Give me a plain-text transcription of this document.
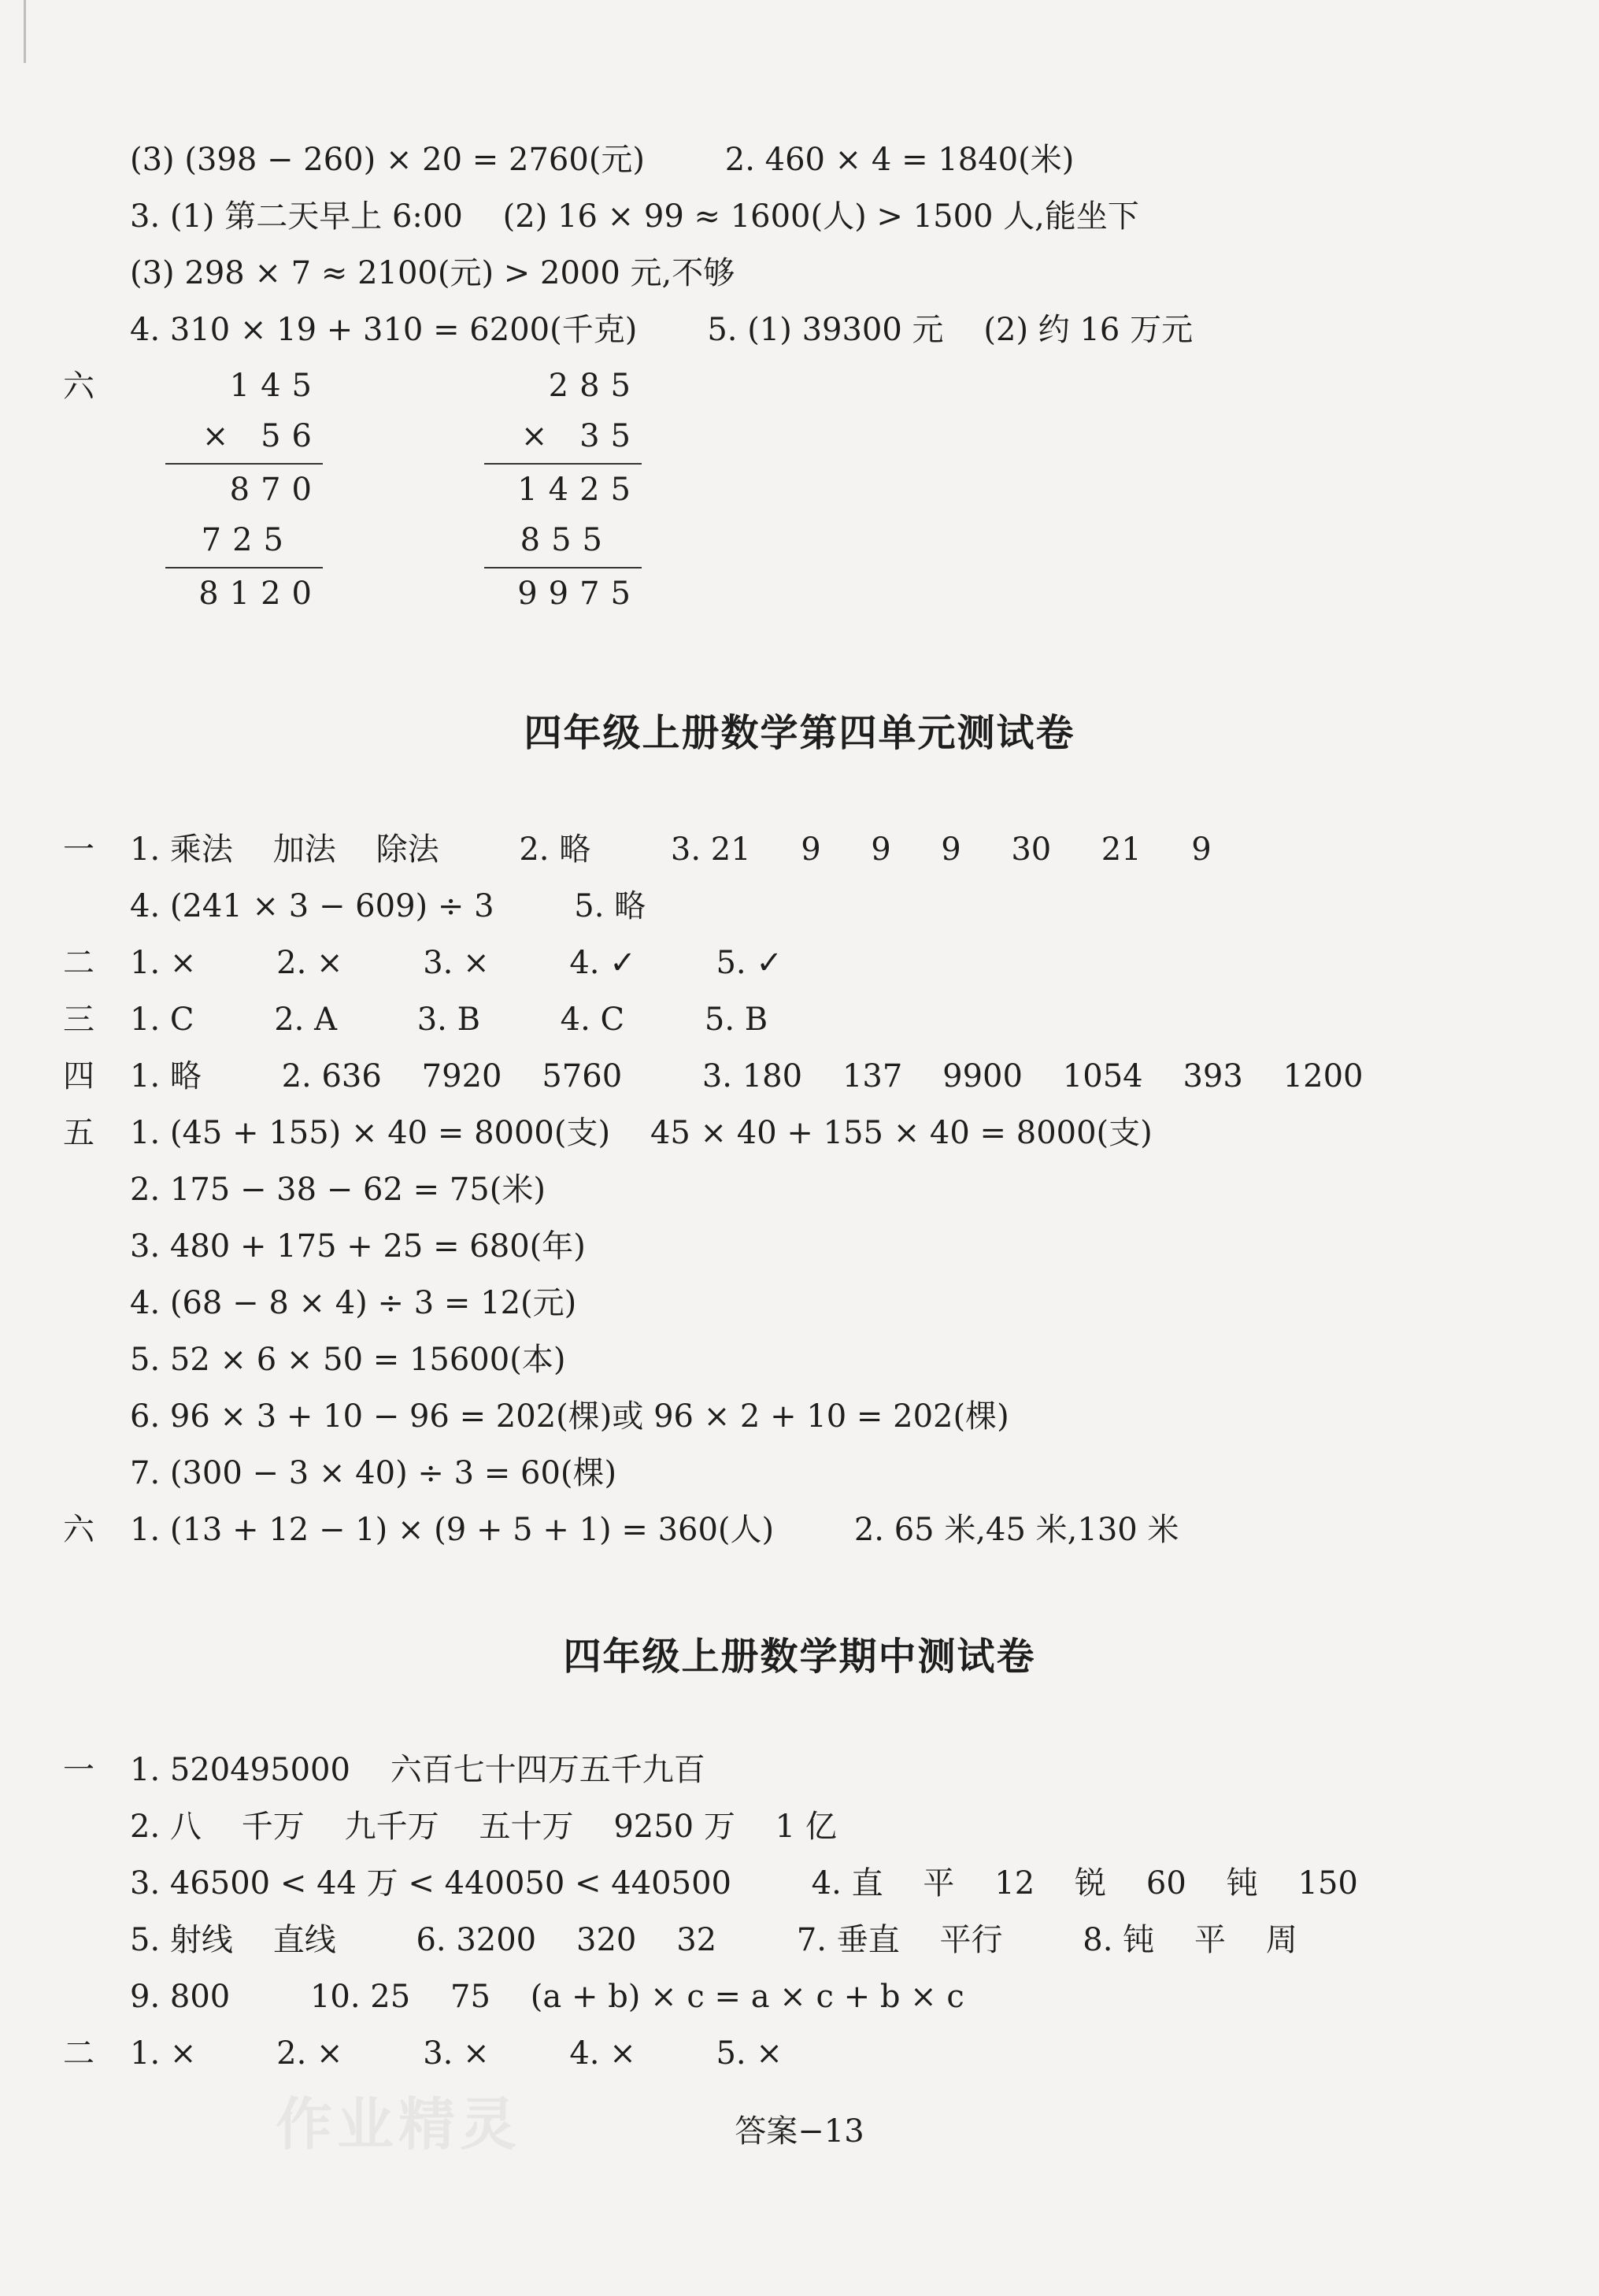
(3) (398 − 260) × 20 = 2760(元)        2. 460 × 4 = 1840(米)
3. (1) 第二天早上 6:00    (2) 16 × 99 ≈ 1600(人) > 1500 人,能坐下
(3) 298 × 7 ≈ 2100(元) > 2000 元,不够
4. 310 × 19 + 310 = 6200(千克)       5. (1) 39300 元    (2) 约 16 万元
六	145
× 56
870
725
8120
285
× 35
1425
855
9975
四年级上册数学第四单元测试卷
一 1. 乘法    加法    除法        2. 略        3. 21     9     9     9     30     21     9
4. (241 × 3 − 609) ÷ 3        5. 略
二 1. ×        2. ×        3. ×        4. ✓        5. ✓
三 1. C        2. A        3. B        4. C        5. B
四 1. 略        2. 636    7920    5760        3. 180    137    9900    1054    393    1200
五 1. (45 + 155) × 40 = 8000(支)    45 × 40 + 155 × 40 = 8000(支)
2. 175 − 38 − 62 = 75(米)
3. 480 + 175 + 25 = 680(年)
4. (68 − 8 × 4) ÷ 3 = 12(元)
5. 52 × 6 × 50 = 15600(本)
6. 96 × 3 + 10 − 96 = 202(棵)或 96 × 2 + 10 = 202(棵)
7. (300 − 3 × 40) ÷ 3 = 60(棵)
六 1. (13 + 12 − 1) × (9 + 5 + 1) = 360(人)        2. 65 米,45 米,130 米
四年级上册数学期中测试卷
一 1. 520495000    六百七十四万五千九百
2. 八    千万    九千万    五十万    9250 万    1 亿
3. 46500 < 44 万 < 440050 < 440500        4. 直    平    12    锐    60    钝    150
5. 射线    直线        6. 3200    320    32        7. 垂直    平行        8. 钝    平    周
9. 800        10. 25    75    (a + b) × c = a × c + b × c
二 1. ×        2. ×        3. ×        4. ×        5. ×
作业精灵	答案−13
